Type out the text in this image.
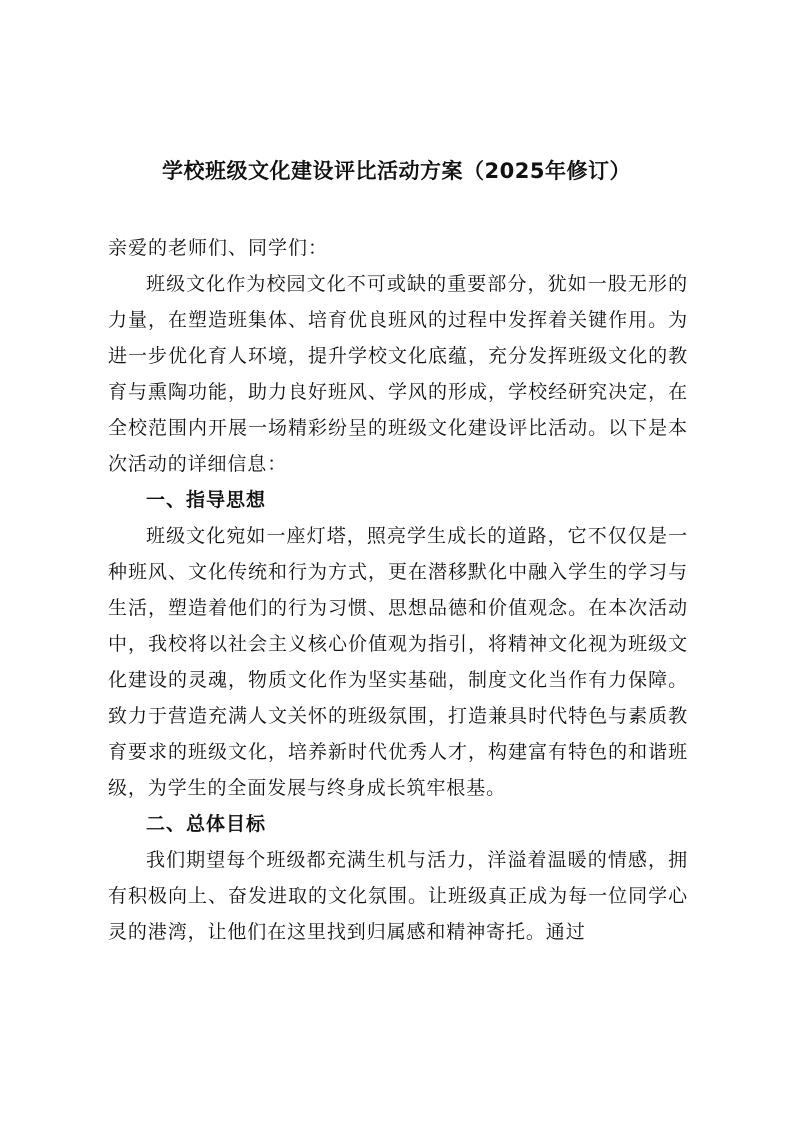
学校班级文化建设评比活动方案（2025年修订）

亲爱的老师们、同学们：

班级文化作为校园文化不可或缺的重要部分，犹如一股无形的力量，在塑造班集体、培育优良班风的过程中发挥着关键作用。为进一步优化育人环境，提升学校文化底蕴，充分发挥班级文化的教育与熏陶功能，助力良好班风、学风的形成，学校经研究决定，在全校范围内开展一场精彩纷呈的班级文化建设评比活动。以下是本次活动的详细信息：

一、指导思想

班级文化宛如一座灯塔，照亮学生成长的道路，它不仅仅是一种班风、文化传统和行为方式，更在潜移默化中融入学生的学习与生活，塑造着他们的行为习惯、思想品德和价值观念。在本次活动中，我校将以社会主义核心价值观为指引，将精神文化视为班级文化建设的灵魂，物质文化作为坚实基础，制度文化当作有力保障。致力于营造充满人文关怀的班级氛围，打造兼具时代特色与素质教育要求的班级文化，培养新时代优秀人才，构建富有特色的和谐班级，为学生的全面发展与终身成长筑牢根基。

二、总体目标

我们期望每个班级都充满生机与活力，洋溢着温暖的情感，拥有积极向上、奋发进取的文化氛围。让班级真正成为每一位同学心灵的港湾，让他们在这里找到归属感和精神寄托。通过
